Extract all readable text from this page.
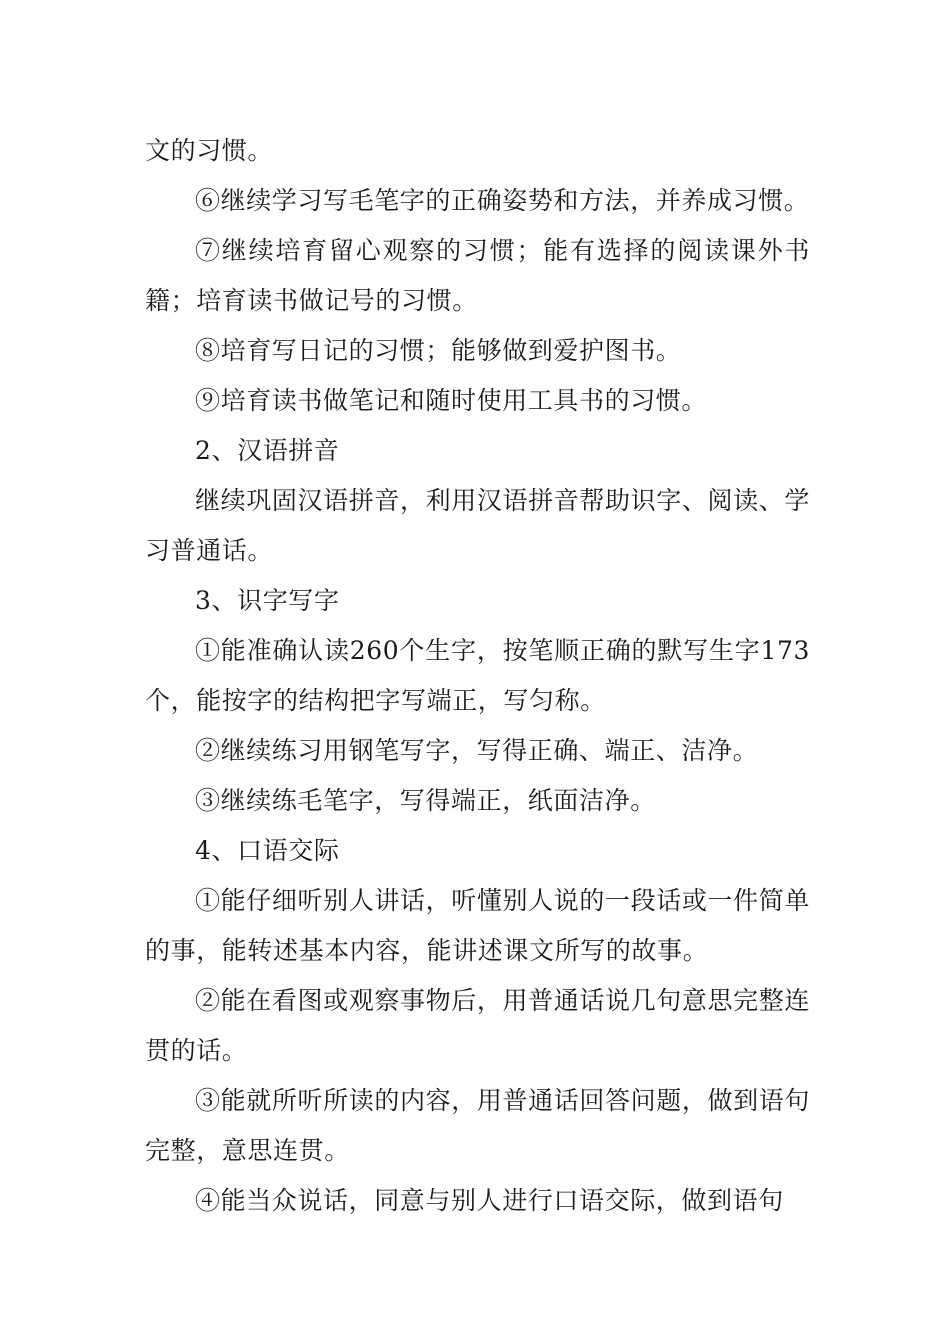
文的习惯。

⑥继续学习写毛笔字的正确姿势和方法，并养成习惯。

⑦继续培育留心观察的习惯；能有选择的阅读课外书籍；培育读书做记号的习惯。

⑧培育写日记的习惯；能够做到爱护图书。

⑨培育读书做笔记和随时使用工具书的习惯。

2、汉语拼音

继续巩固汉语拼音，利用汉语拼音帮助识字、阅读、学习普通话。

3、识字写字

①能准确认读260个生字，按笔顺正确的默写生字173个，能按字的结构把字写端正，写匀称。

②继续练习用钢笔写字，写得正确、端正、洁净。

③继续练毛笔字，写得端正，纸面洁净。

4、口语交际

①能仔细听别人讲话，听懂别人说的一段话或一件简单的事，能转述基本内容，能讲述课文所写的故事。

②能在看图或观察事物后，用普通话说几句意思完整连贯的话。

③能就所听所读的内容，用普通话回答问题，做到语句完整，意思连贯。

④能当众说话，同意与别人进行口语交际，做到语句
